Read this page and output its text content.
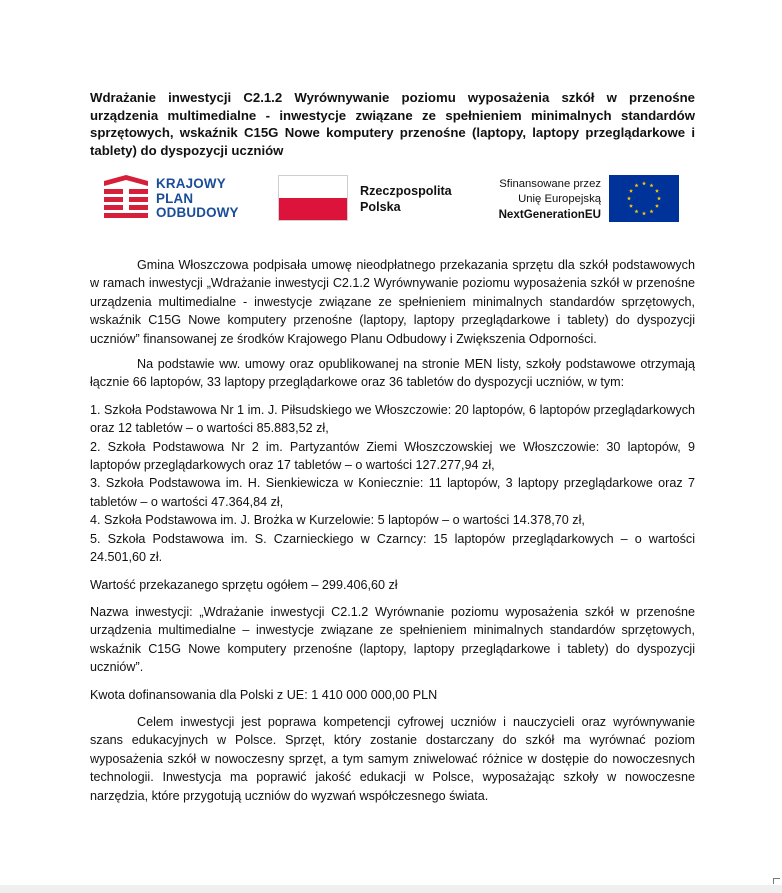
Wdrażanie inwestycji C2.1.2 Wyrównywanie poziomu wyposażenia szkół w przenośne urządzenia multimedialne - inwestycje związane ze spełnieniem minimalnych standardów sprzętowych, wskaźnik C15G Nowe komputery przenośne (laptopy, laptopy przeglądarkowe i tablety) do dyspozycji uczniów
KRAJOWY
PLAN
ODBUDOWY
Rzeczpospolita
Polska
Sfinansowane przez
Unię Europejską
NextGenerationEU

Gmina Włoszczowa podpisała umowę nieodpłatnego przekazania sprzętu dla szkół podstawowych w ramach inwestycji „Wdrażanie inwestycji C2.1.2 Wyrównywanie poziomu wyposażenia szkół w przenośne urządzenia multimedialne - inwestycje związane ze spełnieniem minimalnych standardów sprzętowych, wskaźnik C15G Nowe komputery przenośne (laptopy, laptopy przeglądarkowe i tablety) do dyspozycji uczniów” finansowanej ze środków Krajowego Planu Odbudowy i Zwiększenia Odporności.

Na podstawie ww. umowy oraz opublikowanej na stronie MEN listy, szkoły podstawowe otrzymają łącznie 66 laptopów, 33 laptopy przeglądarkowe oraz 36 tabletów do dyspozycji uczniów, w tym:

1. Szkoła Podstawowa Nr 1 im. J. Piłsudskiego we Włoszczowie: 20 laptopów, 6 laptopów przeglądarkowych oraz 12 tabletów – o wartości 85.883,52 zł,

2. Szkoła Podstawowa Nr 2 im. Partyzantów Ziemi Włoszczowskiej we Włoszczowie: 30 laptopów, 9 laptopów przeglądarkowych oraz 17 tabletów – o wartości 127.277,94 zł,

3. Szkoła Podstawowa im. H. Sienkiewicza w Koniecznie: 11 laptopów, 3 laptopy przeglądarkowe oraz 7 tabletów – o wartości 47.364,84 zł,

4. Szkoła Podstawowa im. J. Brożka w Kurzelowie: 5 laptopów – o wartości 14.378,70 zł,

5. Szkoła Podstawowa im. S. Czarnieckiego w Czarncy: 15 laptopów przeglądarkowych – o wartości 24.501,60 zł.

Wartość przekazanego sprzętu ogółem – 299.406,60 zł

Nazwa inwestycji: „Wdrażanie inwestycji C2.1.2 Wyrównanie poziomu wyposażenia szkół w przenośne urządzenia multimedialne – inwestycje związane ze spełnieniem minimalnych standardów sprzętowych, wskaźnik C15G Nowe komputery przenośne (laptopy, laptopy przeglądarkowe i tablety) do dyspozycji uczniów”.

Kwota dofinansowania dla Polski z UE: 1 410 000 000,00 PLN

Celem inwestycji jest poprawa kompetencji cyfrowej uczniów i nauczycieli oraz wyrównywanie szans edukacyjnych w Polsce. Sprzęt, który zostanie dostarczany do szkół ma wyrównać poziom wyposażenia szkół w nowoczesny sprzęt, a tym samym zniwelować różnice w dostępie do nowoczesnych technologii. Inwestycja ma poprawić jakość edukacji w Polsce, wyposażając szkoły w nowoczesne narzędzia, które przygotują uczniów do wyzwań współczesnego świata.
